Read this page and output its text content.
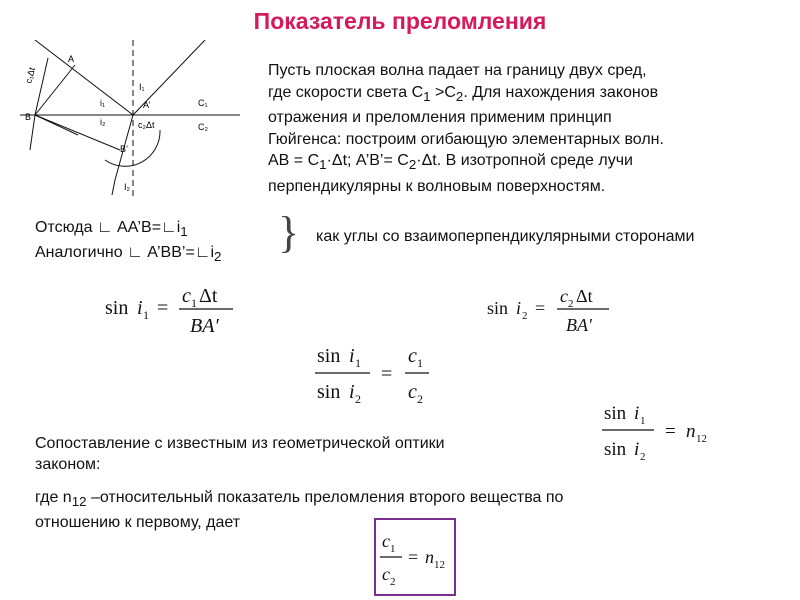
Показатель преломления
c₁Δt
A
B
A’
B’
i₁
i₂
I₁
C₁
C₂
c₂Δt
I₂
Пусть плоская волна падает на границу двух сред,
где скорости света $С_1 >С_2$. Для нахождения законов
отражения и преломления применим принцип
Гюйгенса: построим огибающую элементарных волн.
АВ = $С_1\cdot\Delta t$; А’В’= $С_2\cdot\Delta t$. В изотропной среде лучи
перпендикулярны к волновым поверхностям.
Отсюда ∟ $АА’В=∟i_1$
Аналогично ∟ $А’ВВ’=∟i_2$ } как углы со взаимоперпендикулярными сторонами
sin i 1 =
c 1 Δt
BA′
sin i 2 =
c 2 Δt
BA′
sin i 1
sin i 2
=
c 1
c 2
sin i 1
sin i 2
= n 12
Сопоставление с известным из геометрической оптики
законом:
где $n_{12}$ –относительный показатель преломления второго вещества по
отношению к первому, дает
c 1
c 2
= n 12
